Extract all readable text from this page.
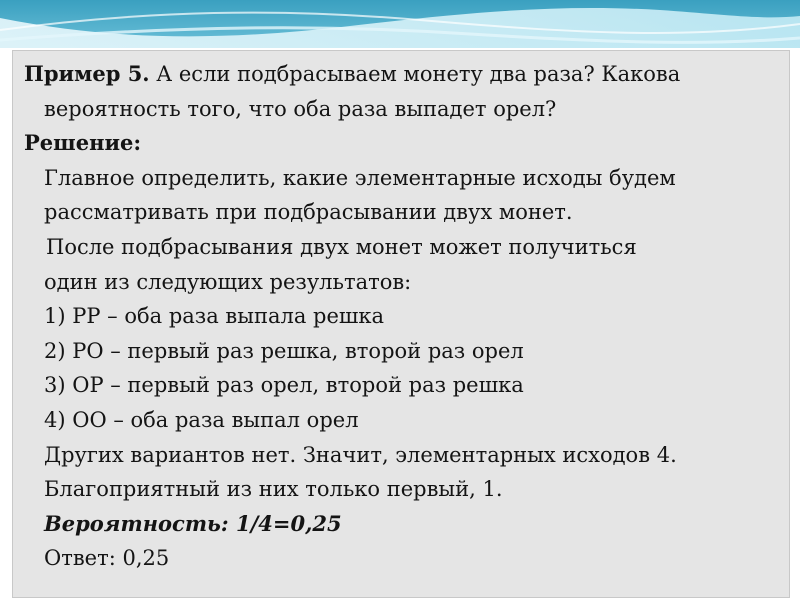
Пример 5. А если подбрасываем монету два раза? Какова
вероятность того, что оба раза выпадет орел?
Решение:
Главное определить, какие элементарные исходы будем
рассматривать при подбрасывании двух монет.
После подбрасывания двух монет может получиться
один из следующих результатов:
1) РР – оба раза выпала решка
2) РО – первый раз решка, второй раз орел
3) ОР – первый раз орел, второй раз решка
4) ОО – оба раза выпал орел
Других вариантов нет. Значит, элементарных исходов 4.
Благоприятный из них только первый, 1.
Вероятность: 1/4=0,25
Ответ: 0,25
